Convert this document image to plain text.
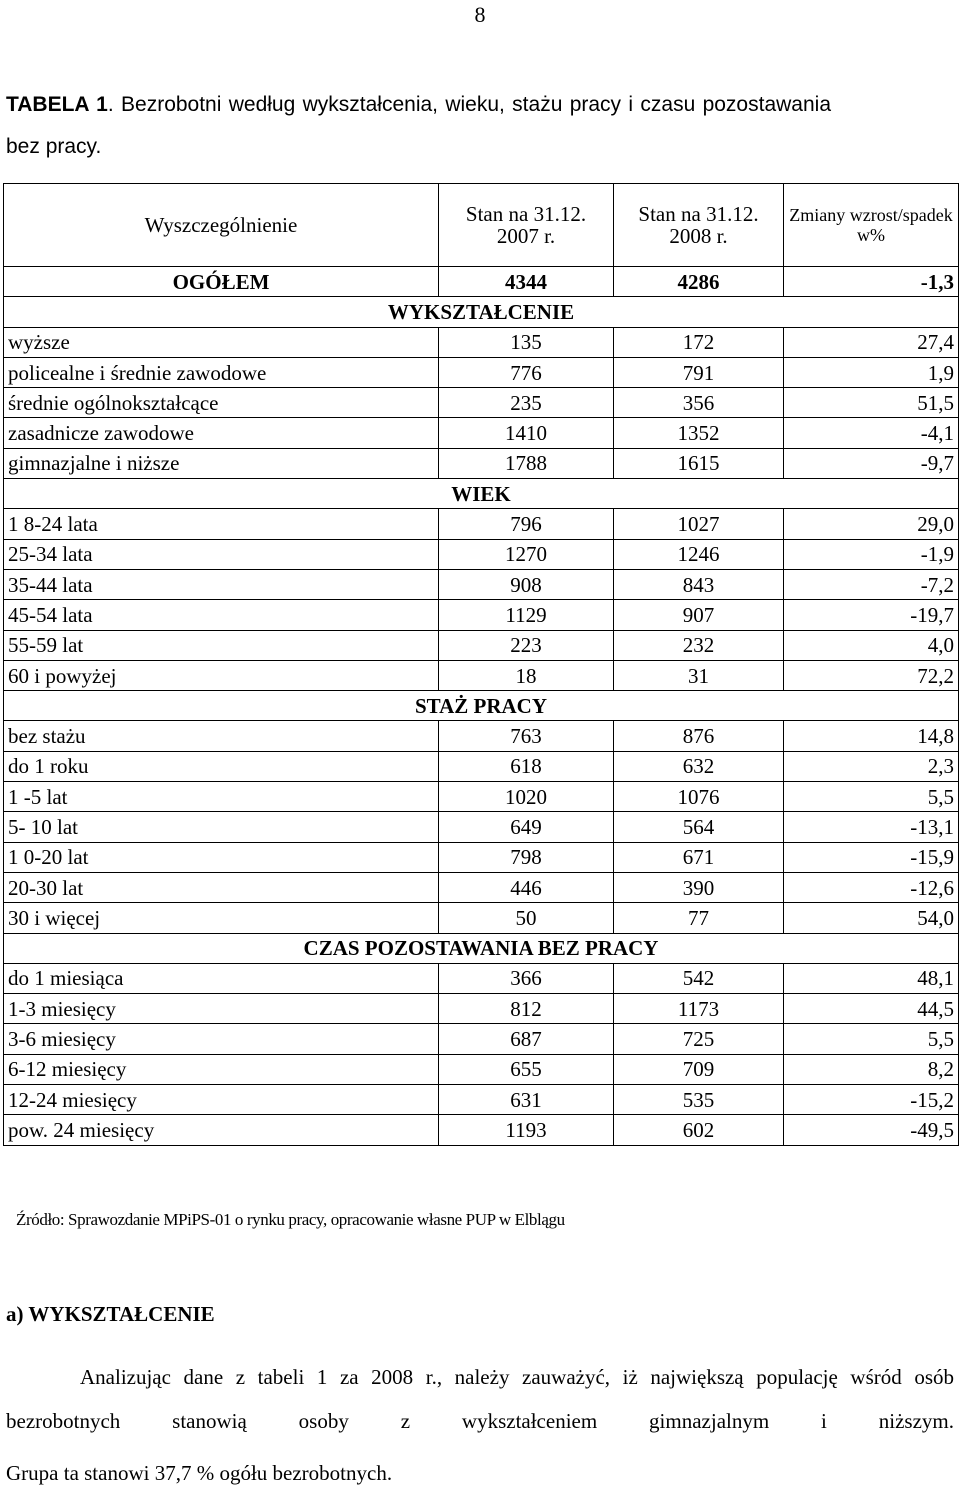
8
TABELA 1. Bezrobotni według wykształcenia, wieku, stażu pracy i czasu pozostawania bez pracy.
Wyszczególnienie	Stan na 31.12. 2007 r.	Stan na 31.12. 2008 r.	Zmiany wzrost/spadek w%
OGÓŁEM	4344	4286	-1,3
WYKSZTAŁCENIE			
wyższe	135	172	27,4
policealne i średnie zawodowe	776	791	1,9
średnie ogólnokształcące	235	356	51,5
zasadnicze zawodowe	1410	1352	-4,1
gimnazjalne i niższe	1788	1615	-9,7
WIEK			
1 8-24 lata	796	1027	29,0
25-34 lata	1270	1246	-1,9
35-44 lata	908	843	-7,2
45-54 lata	1129	907	-19,7
55-59 lat	223	232	4,0
60 i powyżej	18	31	72,2
STAŻ PRACY			
bez stażu	763	876	14,8
do 1 roku	618	632	2,3
1 -5 lat	1020	1076	5,5
5- 10 lat	649	564	-13,1
1 0-20 lat	798	671	-15,9
20-30 lat	446	390	-12,6
30 i więcej	50	77	54,0
CZAS POZOSTAWANIA BEZ PRACY			
do 1 miesiąca	366	542	48,1
1-3 miesięcy	812	1173	44,5
3-6 miesięcy	687	725	5,5
6-12 miesięcy	655	709	8,2
12-24 miesięcy	631	535	-15,2
pow. 24 miesięcy	1193	602	-49,5
Źródło: Sprawozdanie MPiPS-01 o rynku pracy, opracowanie własne PUP w Elblągu
a) WYKSZTAŁCENIE

Analizując dane z tabeli 1 za 2008 r., należy zauważyć, iż największą populację wśród osób bezrobotnych stanowią osoby z wykształceniem gimnazjalnym i niższym.

Grupa ta stanowi 37,7 % ogółu bezrobotnych.
